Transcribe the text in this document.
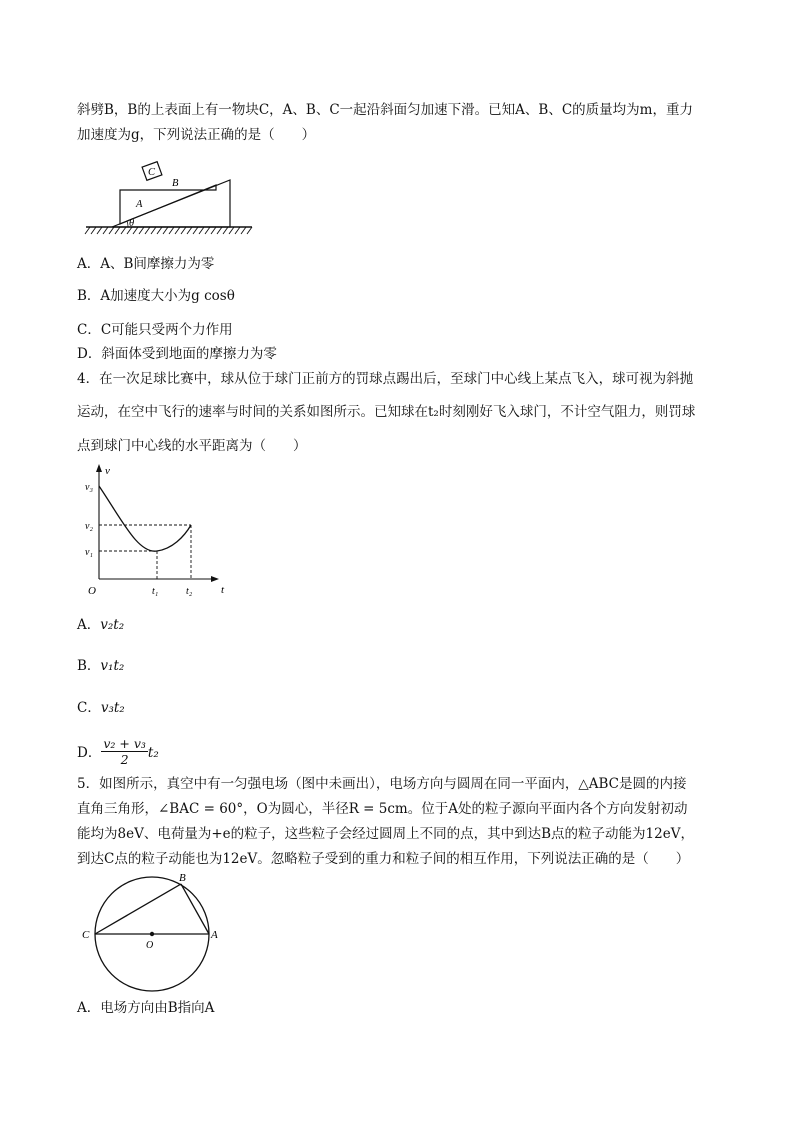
斜劈B，B的上表面上有一物块C，A、B、C一起沿斜面匀加速下滑。已知A、B、C的质量均为m，重力
加速度为g，下列说法正确的是（　　）
C
B
A
θ
A．A、B间摩擦力为零
B．A加速度大小为g cosθ
C．C可能只受两个力作用
D．斜面体受到地面的摩擦力为零
4．在一次足球比赛中，球从位于球门正前方的罚球点踢出后，至球门中心线上某点飞入，球可视为斜抛
运动，在空中飞行的速率与时间的关系如图所示。已知球在t₂时刻刚好飞入球门，不计空气阻力，则罚球
点到球门中心线的水平距离为（　　）
v
t
O
v₃
v₂
v₁
t₁	t₂
A．v₂t₂
B．v₁t₂
C．v₃t₂
D． $\frac{\text{v₂ + v₃}}{2} t_2$
5．如图所示，真空中有一匀强电场（图中未画出），电场方向与圆周在同一平面内，△ABC是圆的内接
直角三角形，∠BAC = 60°，O为圆心，半径R = 5cm。位于A处的粒子源向平面内各个方向发射初动
能均为8eV、电荷量为+e的粒子，这些粒子会经过圆周上不同的点，其中到达B点的粒子动能为12eV，
到达C点的粒子动能也为12eV。忽略粒子受到的重力和粒子间的相互作用，下列说法正确的是（　　）
B
C
O
A
A．电场方向由B指向A
